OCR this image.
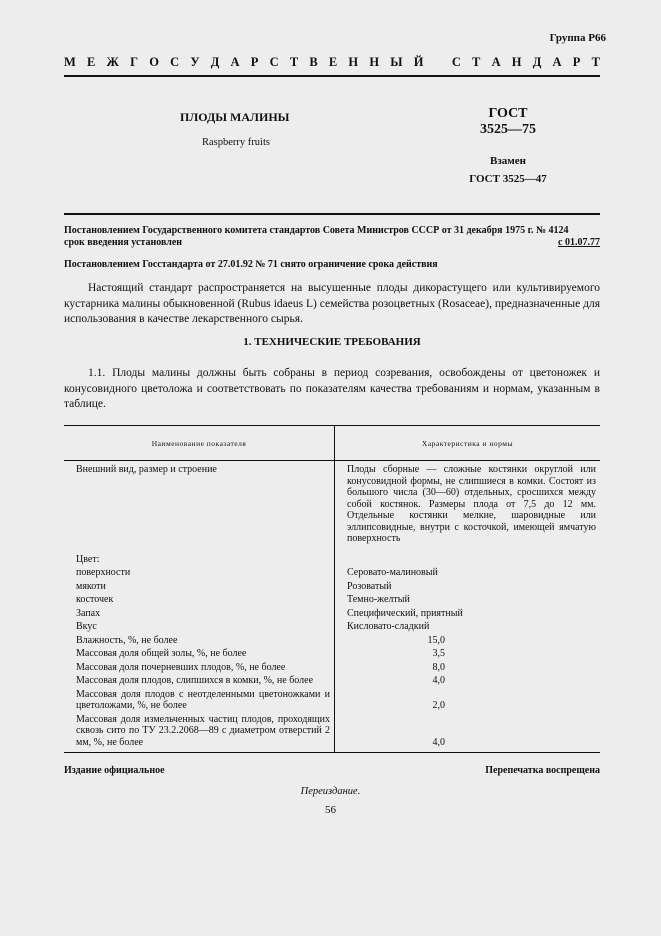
Группа Р66
М Е Ж Г О С У Д А Р С Т В Е Н Н Ы Й С Т А Н Д А Р Т
ПЛОДЫ МАЛИНЫ
Raspberry fruits
ГОСТ
3525—75
Взамен
ГОСТ 3525—47
Постановлением Государственного комитета стандартов Совета Министров СССР от 31 декабря 1975 г. № 4124
срок введения установлен	с 01.07.77
Постановлением Госстандарта от 27.01.92 № 71 снято ограничение срока действия
Настоящий стандарт распространяется на высушенные плоды дикорастущего или культивируемого кустарника малины обыкновенной (Rubus idaeus L) семейства розоцветных (Rosaceae), предназначенные для использования в качестве лекарственного сырья.
1. ТЕХНИЧЕСКИЕ ТРЕБОВАНИЯ
1.1. Плоды малины должны быть собраны в период созревания, освобождены от цветоножек и конусовидного цветоложа и соответствовать по показателям качества требованиям и нормам, указанным в таблице.
Наименование показателя	Характеристика и нормы
Внешний вид, размер и строение	Плоды сборные — сложные костянки округлой или конусовидной формы, не слипшиеся в комки. Состоят из большого числа (30—60) отдельных, сросшихся между собой костянок. Размеры плода от 7,5 до 12 мм. Отдельные костянки мелкие, шаровидные или эллипсовидные, внутри с косточкой, имеющей ямчатую поверхность
Цвет:	
поверхности	Серовато-малиновый
мякоти	Розоватый
косточек	Темно-желтый
Запах	Специфический, приятный
Вкус	Кисловато-сладкий
Влажность, %, не более	15,0
Массовая доля общей золы, %, не более	3,5
Массовая доля почерневших плодов, %, не более	8,0
Массовая доля плодов, слипшихся в комки, %, не более	4,0
Массовая доля плодов с неотделенными цветоножками и цветоложами, %, не более	2,0
Массовая доля измельченных частиц плодов, проходящих сквозь сито по ТУ 23.2.2068—89 с диаметром отверстий 2 мм, %, не более	4,0
Издание официальное	Перепечатка воспрещена
Переиздание.
56
